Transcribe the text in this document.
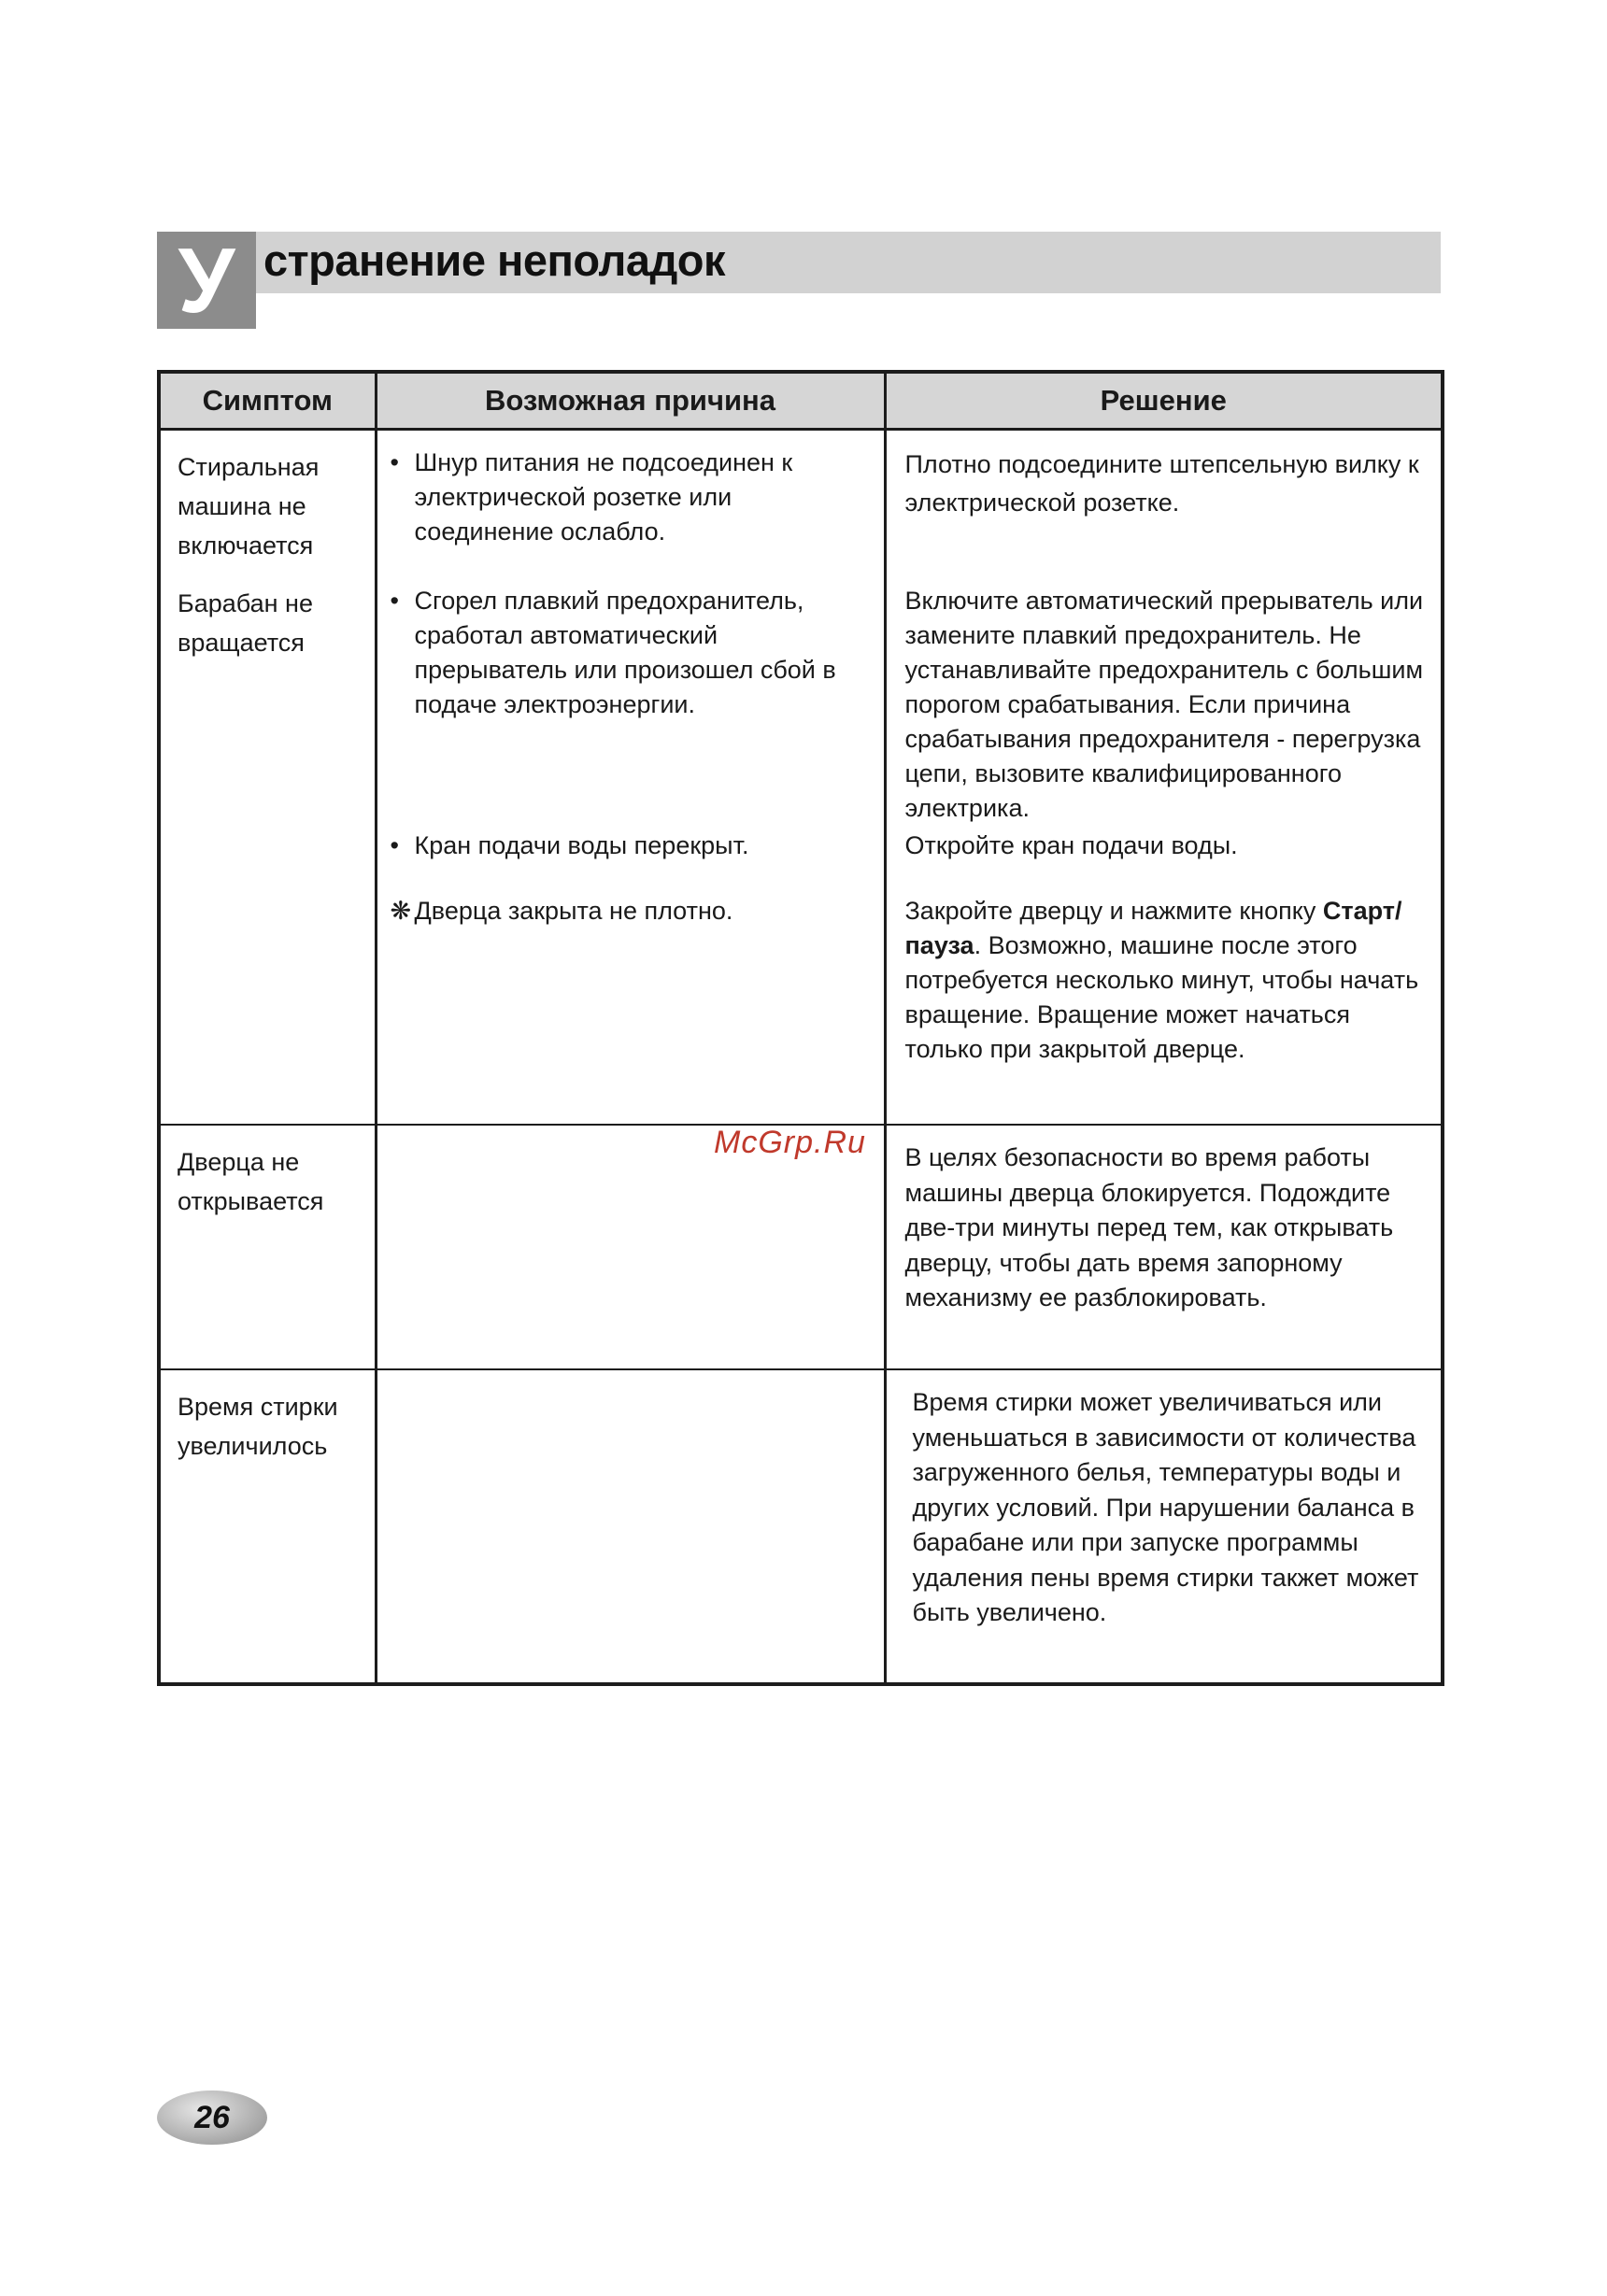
У странение неполадок
Симптом	Возможная причина	Решение
Стиральная машина не включается	• Шнур питания не подсоединен к электрической розетке или соединение ослабло.	Плотно подсоедините штепсельную вилку к электрической розетке.
Барабан не вращается	• Сгорел плавкий предохранитель, сработал автоматический прерыватель или произошел сбой в подаче электроэнергии.	Включите автоматический прерыватель или замените плавкий предохранитель. Не устанавливайте предохранитель с большим порогом срабатывания. Если причина срабатывания предохранителя - перегрузка цепи, вызовите квалифицированного электрика.

	• Кран подачи воды перекрыт.	Откройте кран подачи воды.

	❋ Дверца закрыта не плотно.	Закройте дверцу и нажмите кнопку Старт/пауза. Возможно, машине после этого потребуется несколько минут, чтобы начать вращение. Вращение может начаться только при закрытой дверце.
Дверца не открывается		В целях безопасности во время работы машины дверца блокируется. Подождите две-три минуты перед тем, как открывать дверцу, чтобы дать время запорному механизму ее разблокировать.
Время стирки увеличилось		Время стирки может увеличиваться или уменьшаться в зависимости от количества загруженного белья, температуры воды и других условий. При нарушении баланса в барабане или при запуске программы удаления пены время стирки такжет может быть увеличено.
McGrp.Ru
26
